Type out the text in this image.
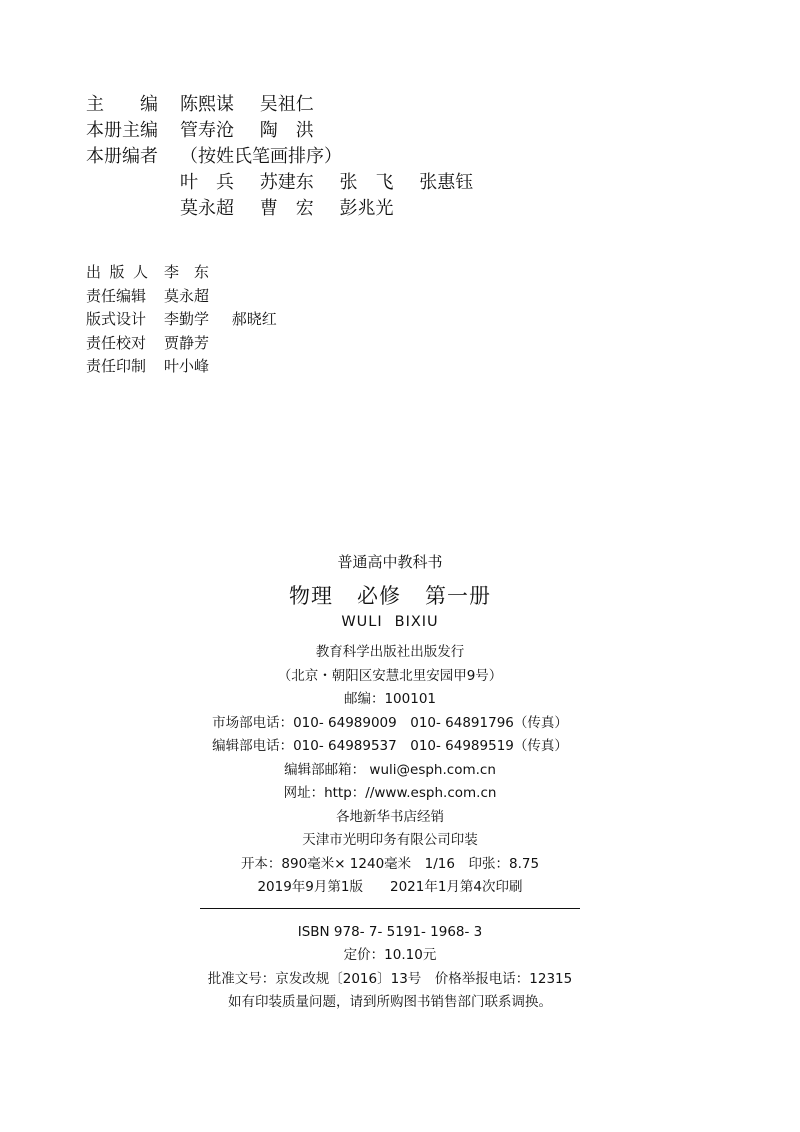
主 编 陈熙谋 吴祖仁
本册主编	管寿沧 陶　洪
本册编者	（按姓氏笔画排序）
叶　兵 苏建东 张　飞 张惠钰
莫永超 曹　宏 彭兆光
出 版 人 李　东
责任编辑	莫永超
版式设计	李勤学 郝晓红
责任校对	贾静芳
责任印制	叶小峰
普通高中教科书
物理 必修 第一册
WULI BIXIU
教育科学出版社出版发行
（北京・朝阳区安慧北里安园甲9号）
邮编：100101
市场部电话：010- 64989009　010- 64891796（传真）
编辑部电话：010- 64989537　010- 64989519（传真）
编辑部邮箱： wuli@esph.com.cn
网址：http：//www.esph.com.cn
各地新华书店经销
天津市光明印务有限公司印装
开本：890毫米× 1240毫米　1/16　印张：8.75
2019年9月第1版　　2021年1月第4次印刷
ISBN 978- 7- 5191- 1968- 3
定价：10.10元
批准文号：京发改规〔2016〕13号　价格举报电话：12315
如有印装质量问题，请到所购图书销售部门联系调换。
